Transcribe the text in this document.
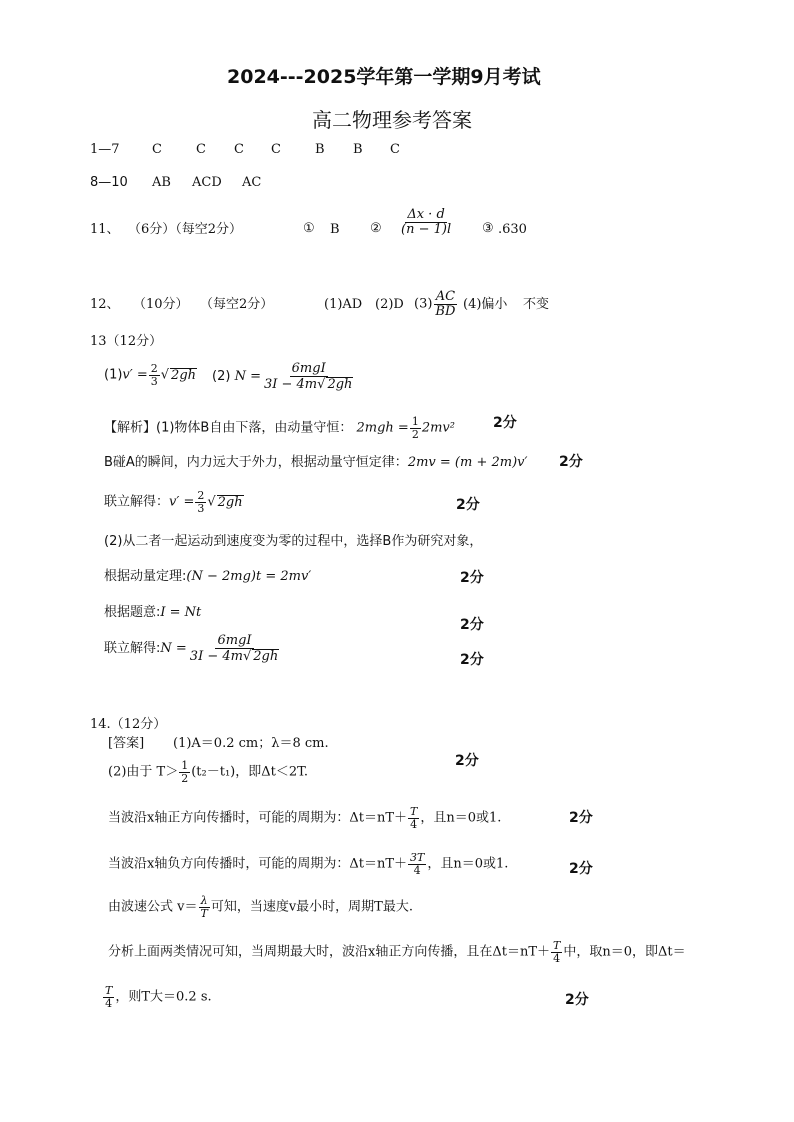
2024---2025学年第一学期9月考试
高二物理参考答案
1—7 C	C C C	B B C
8—10 AB ACD AC
11、 （6分）（每空2分）	① B ② $\frac{\Delta x \cdot d}{(n - 1)l}$ ③ .630
12、 （10分） （每空2分）	(1)AD (2)D $(3) \frac{AC}{BD} (4)$偏小 不变
13（12分）
$(1)v' = \frac{2}{3}$ √ 2gh (2) $N = \frac{\text{6mgI}}{3I - 4m√ 2gh}$
【解析】(1)物体B自由下落，由动量守恒： $2mgh = \frac{1}{2} 2mv^2$	2分
B碰A的瞬间，内力远大于外力，根据动量守恒定律：2mv = (m + 2m)v′ 2分
联立解得：$v' = \frac{2}{3}$ √ 2gh	2分
(2)从二者一起运动到速度变为零的过程中，选择B作为研究对象，
根据动量定理:(N − 2mg)t = 2mv′	2分
根据题意:I = Nt
2分
联立解得:N = $\frac{\text{6mgI}}{3I - 4m√ 2gh}$	2分
14.（12分）
[答案] (1)A＝0.2 cm；λ＝8 cm.
(2)由于 $T> \frac{1}{2} (t_2-t_1)$，即Δt＜2T.
2分
当波沿x轴正方向传播时，可能的周期为：$\Delta t=nT+ \frac{T}{4}$ ，且n＝0或1.	2分
当波沿x轴负方向传播时，可能的周期为：$\Delta t=nT+ \frac{3T}{4}$ ，且n＝0或1.	2分
由波速公式 $v= \frac{\lambda}{T}$ 可知，当速度v最小时，周期T最大.
分析上面两类情况可知，当周期最大时，波沿x轴正方向传播，且在$\Delta t=nT+ \frac{T}{4}$ 中，取n＝0，即Δt＝
$\frac{T}{4}$ ，则T大＝0.2 s.	2分
